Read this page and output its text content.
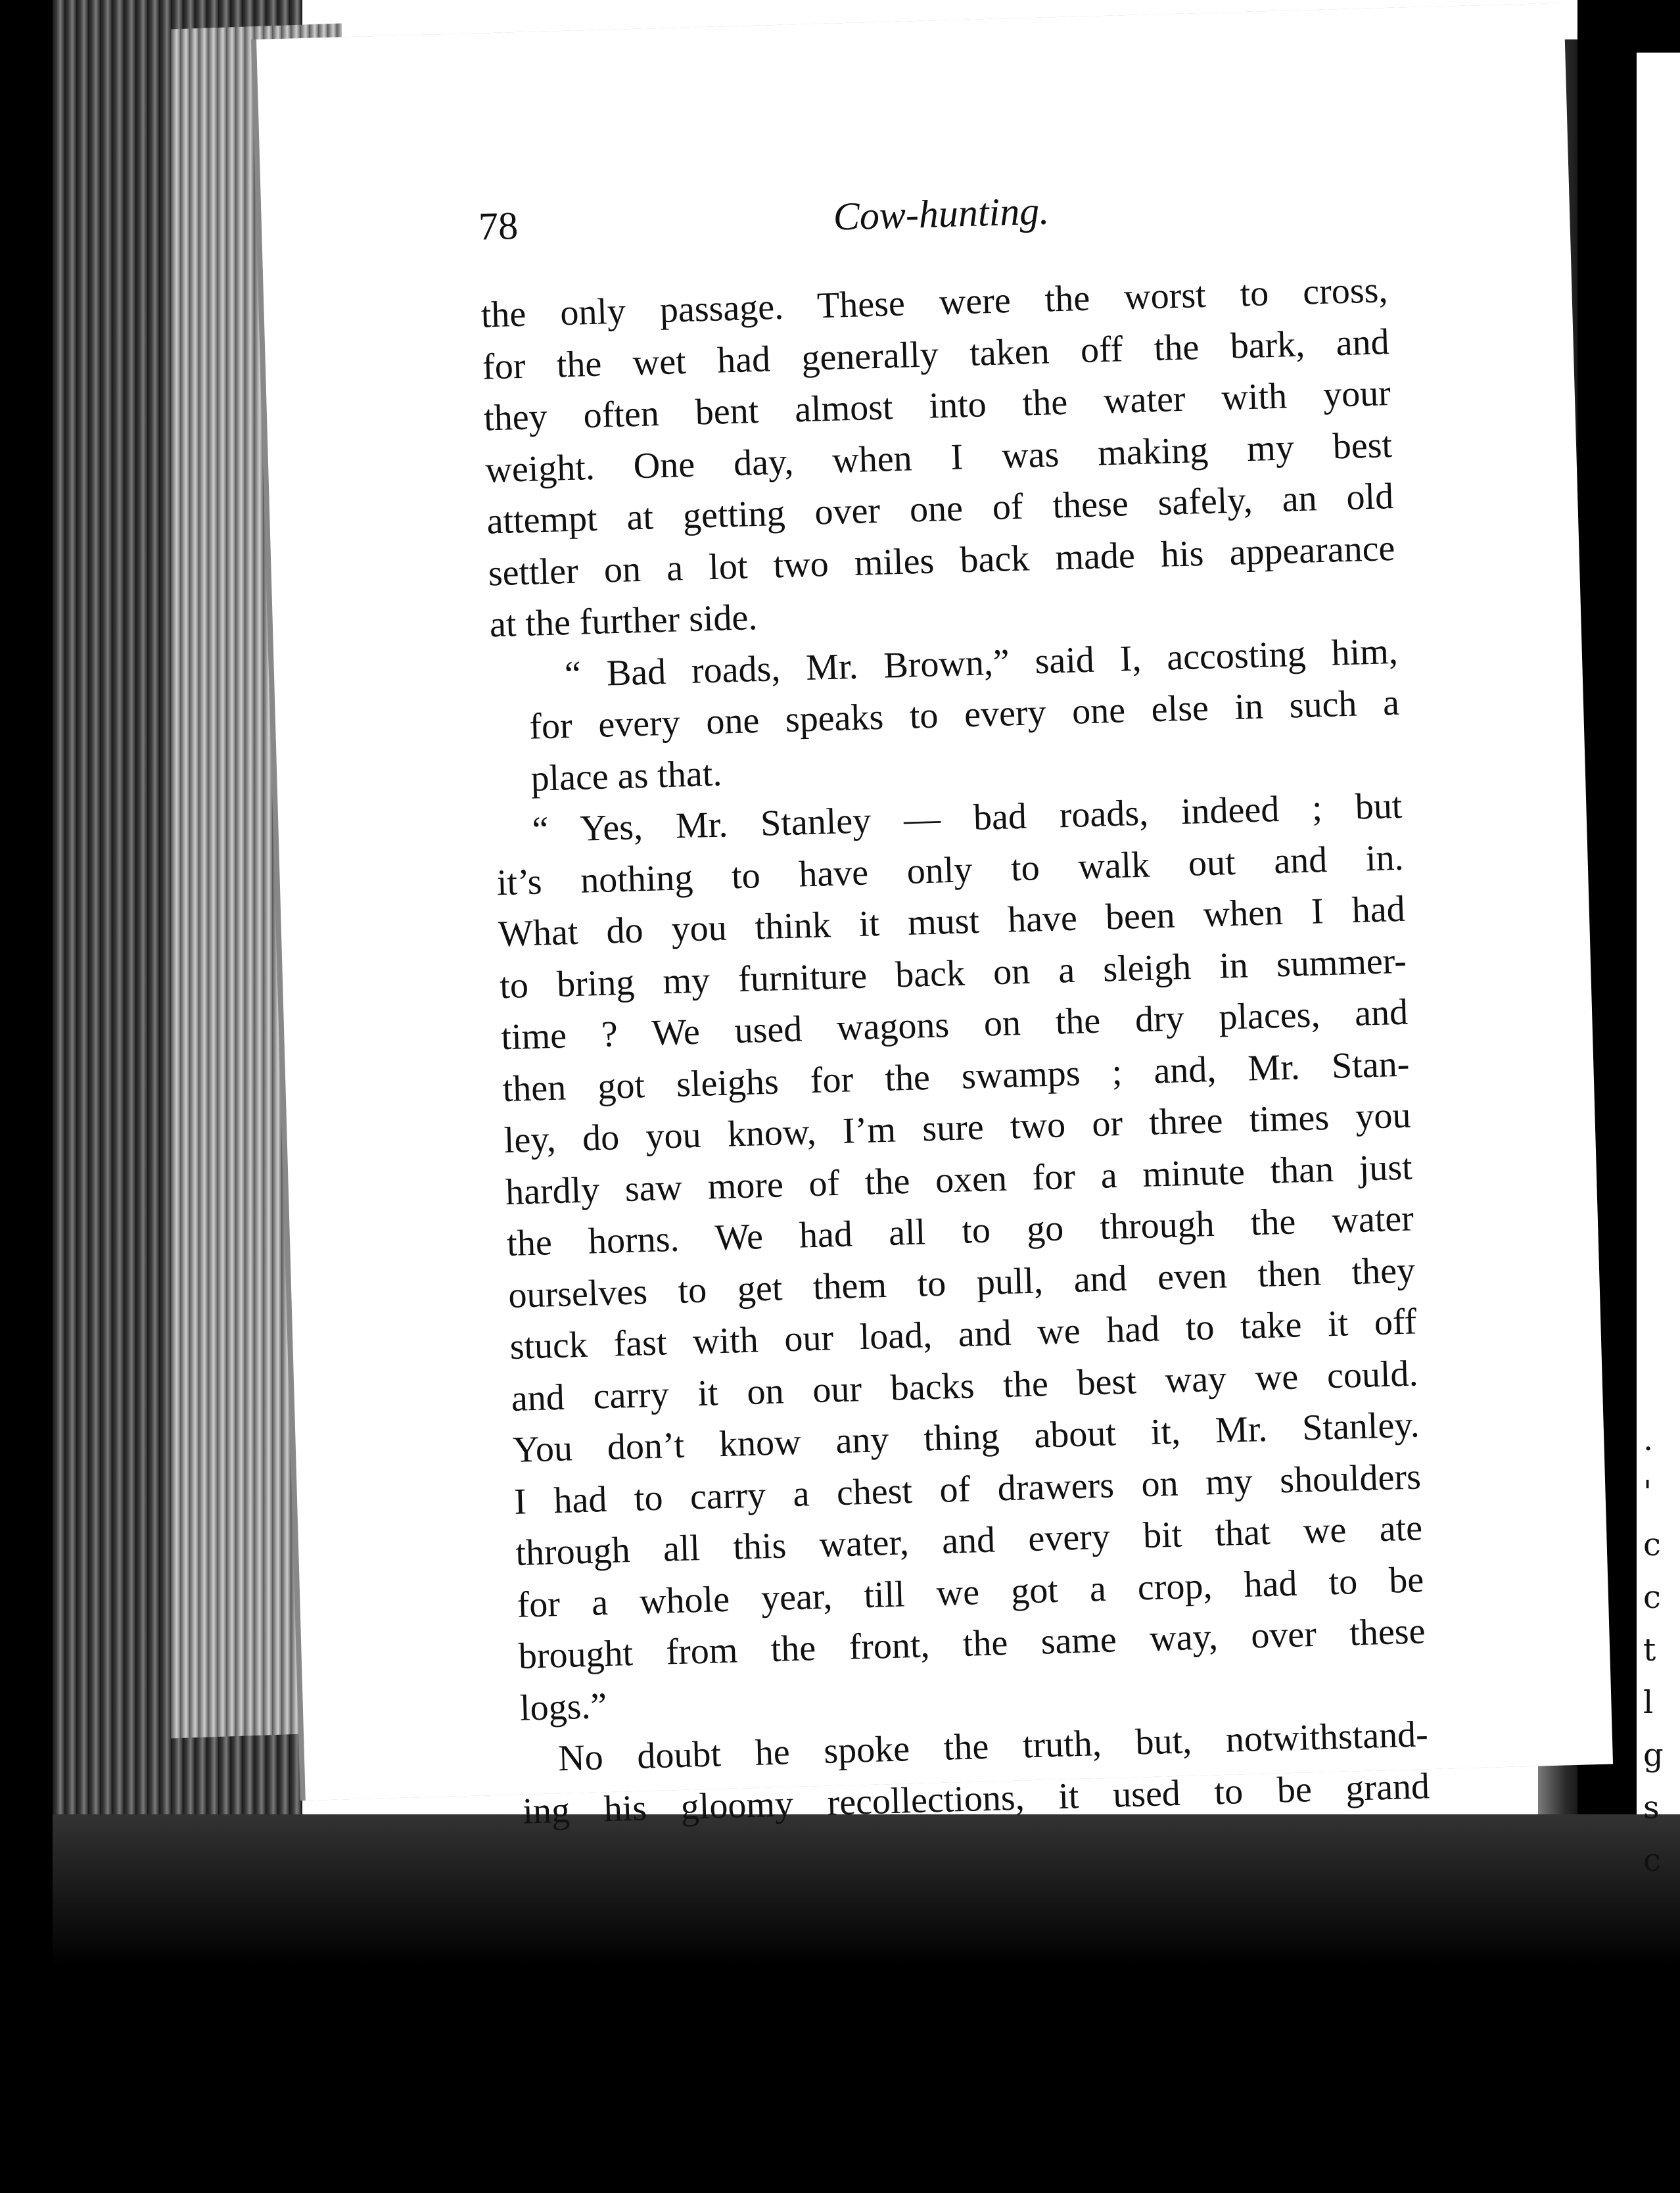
78	Cow-hunting.

the only passage. These were the worst to cross,
for the wet had generally taken off the bark, and
they often bent almost into the water with your
weight. One day, when I was making my best
attempt at getting over one of these safely, an old
settler on a lot two miles back made his appearance
at the further side.

“ Bad roads, Mr. Brown,” said I, accosting him,
for every one speaks to every one else in such a
place as that.

“ Yes, Mr. Stanley — bad roads, indeed ; but
it’s nothing to have only to walk out and in.
What do you think it must have been when I had
to bring my furniture back on a sleigh in summer-
time ? We used wagons on the dry places, and
then got sleighs for the swamps ; and, Mr. Stan-
ley, do you know, I’m sure two or three times you
hardly saw more of the oxen for a minute than just
the horns. We had all to go through the water
ourselves to get them to pull, and even then they
stuck fast with our load, and we had to take it off
and carry it on our backs the best way we could.
You don’t know any thing about it, Mr. Stanley.
I had to carry a chest of drawers on my shoulders
through all this water, and every bit that we ate
for a whole year, till we got a crop, had to be
brought from the front, the same way, over these
logs.”

No doubt he spoke the truth, but, notwithstand-
ing his gloomy recollections, it used to be grand

.
'
c
c
t
l
g
s
c
